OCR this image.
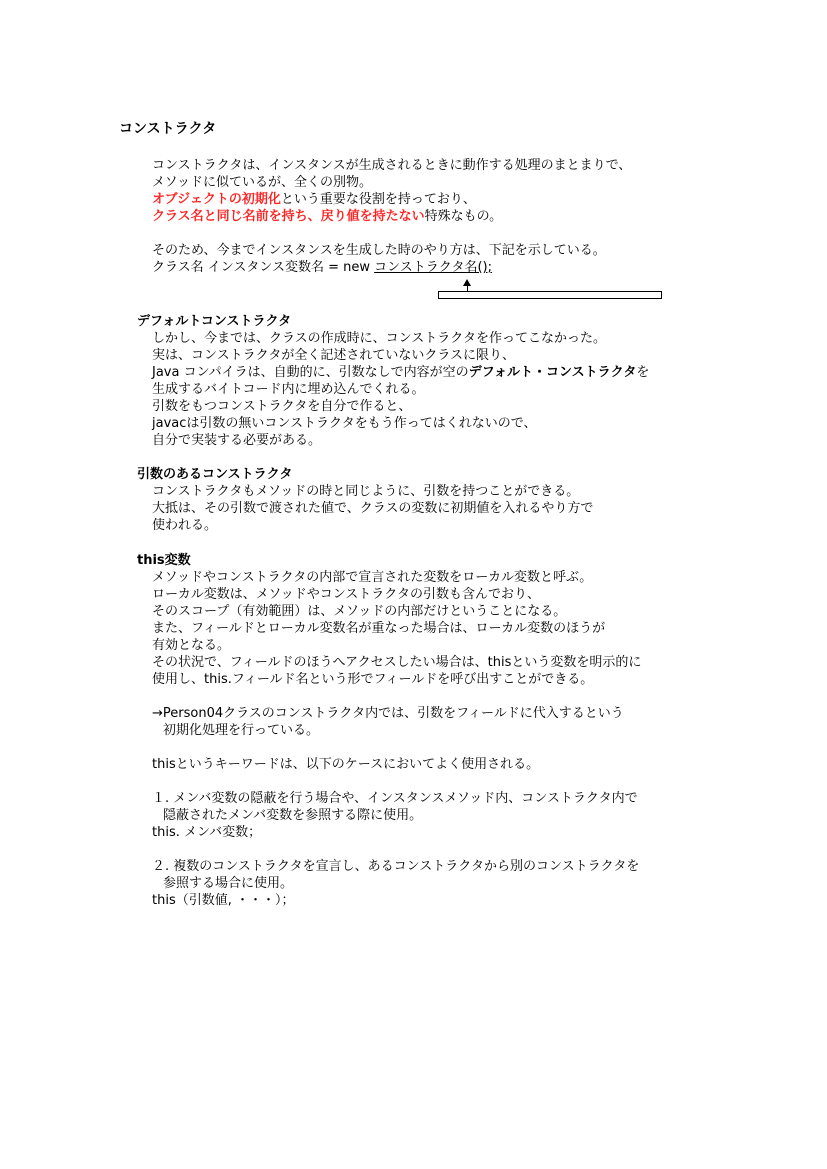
コンストラクタ
コンストラクタは、インスタンスが生成されるときに動作する処理のまとまりで、
メソッドに似ているが、全くの別物。
オブジェクトの初期化という重要な役割を持っており、
クラス名と同じ名前を持ち、戻り値を持たない特殊なもの。
そのため、今までインスタンスを生成した時のやり方は、下記を示している。
クラス名 インスタンス変数名 = new コンストラクタ名();
デフォルトコンストラクタ
しかし、今までは、クラスの作成時に、コンストラクタを作ってこなかった。
実は、コンストラクタが全く記述されていないクラスに限り、
Java コンパイラは、自動的に、引数なしで内容が空のデフォルト・コンストラクタを
生成するバイトコード内に埋め込んでくれる。
引数をもつコンストラクタを自分で作ると、
javacは引数の無いコンストラクタをもう作ってはくれないので、
自分で実装する必要がある。
引数のあるコンストラクタ
コンストラクタもメソッドの時と同じように、引数を持つことができる。
大抵は、その引数で渡された値で、クラスの変数に初期値を入れるやり方で
使われる。
this変数
メソッドやコンストラクタの内部で宣言された変数をローカル変数と呼ぶ。
ローカル変数は、メソッドやコンストラクタの引数も含んでおり、
そのスコープ（有効範囲）は、メソッドの内部だけということになる。
また、フィールドとローカル変数名が重なった場合は、ローカル変数のほうが
有効となる。
その状況で、フィールドのほうへアクセスしたい場合は、thisという変数を明示的に
使用し、this.フィールド名という形でフィールドを呼び出すことができる。
→Person04クラスのコンストラクタ内では、引数をフィールドに代入するという
初期化処理を行っている。
thisというキーワードは、以下のケースにおいてよく使用される。
１. メンバ変数の隠蔽を行う場合や、インスタンスメソッド内、コンストラクタ内で
隠蔽されたメンバ変数を参照する際に使用。
this. メンバ変数；
２. 複数のコンストラクタを宣言し、あるコンストラクタから別のコンストラクタを
参照する場合に使用。
this（引数値, ・・・）；
